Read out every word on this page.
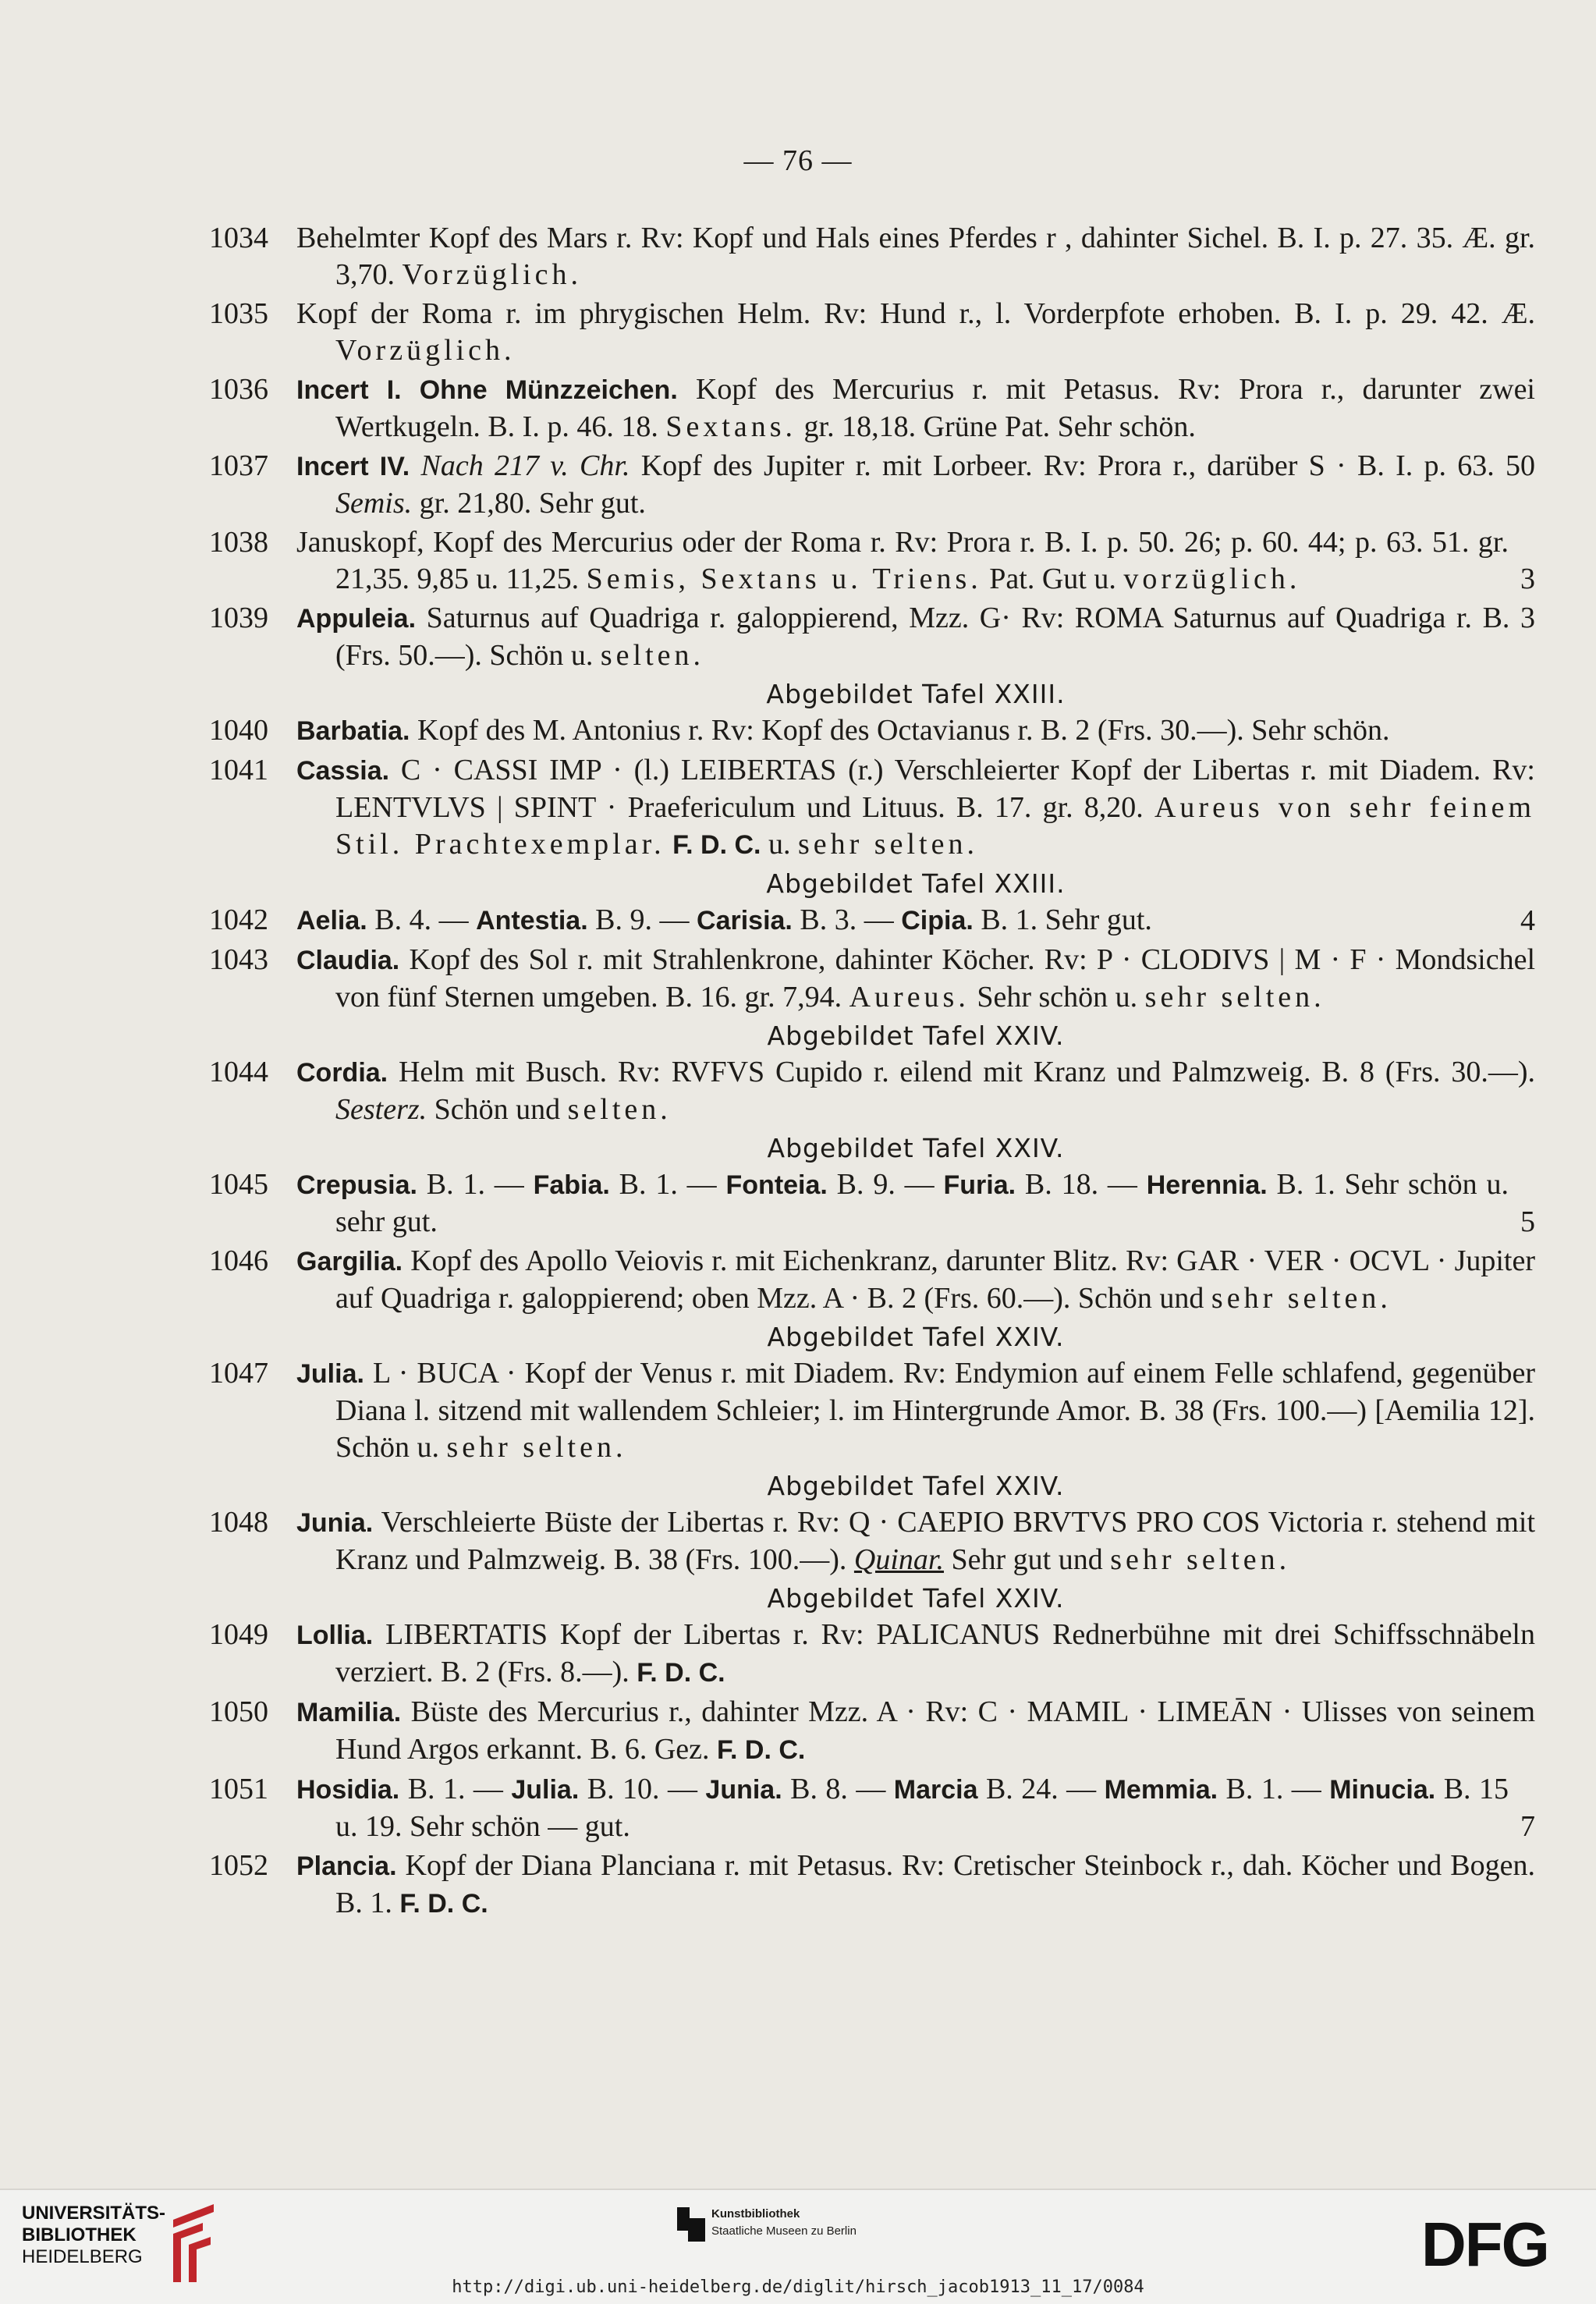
— 76 —
1034 Behelmter Kopf des Mars r. Rv: Kopf und Hals eines Pferdes r , dahinter Sichel. B. I. p. 27. 35. Æ. gr. 3,70. Vorzüglich.
1035 Kopf der Roma r. im phrygischen Helm. Rv: Hund r., l. Vorderpfote erhoben. B. I. p. 29. 42. Æ. Vorzüglich.
1036 Incert I. Ohne Münzzeichen. Kopf des Mercurius r. mit Petasus. Rv: Prora r., darunter zwei Wertkugeln. B. I. p. 46. 18. Sextans. gr. 18,18. Grüne Pat. Sehr schön.
1037 Incert IV. Nach 217 v. Chr. Kopf des Jupiter r. mit Lorbeer. Rv: Prora r., darüber S · B. I. p. 63. 50 Semis. gr. 21,80. Sehr gut.
1038 Januskopf, Kopf des Mercurius oder der Roma r. Rv: Prora r. B. I. p. 50. 26; p. 60. 44; p. 63. 51. gr. 21,35. 9,85 u. 11,25. Semis, Sextans u. Triens. Pat. Gut u. vorzüglich.	3
1039 Appuleia. Saturnus auf Quadriga r. galoppierend, Mzz. G· Rv: ROMA Saturnus auf Quadriga r. B. 3 (Frs. 50.—). Schön u. selten.
Abgebildet Tafel XXIII.
1040 Barbatia. Kopf des M. Antonius r. Rv: Kopf des Octavianus r. B. 2 (Frs. 30.—). Sehr schön.
1041 Cassia. C · CASSI IMP · (l.) LEIBERTAS (r.) Verschleierter Kopf der Libertas r. mit Diadem. Rv: LENTVLVS | SPINT · Praefericulum und Lituus. B. 17. gr. 8,20. Aureus von sehr feinem Stil. Prachtexemplar. F. D. C. u. sehr selten.
Abgebildet Tafel XXIII.
1042 Aelia. B. 4. — Antestia. B. 9. — Carisia. B. 3. — Cipia. B. 1. Sehr gut.	4
1043 Claudia. Kopf des Sol r. mit Strahlenkrone, dahinter Köcher. Rv: P · CLODIVS | M · F · Mondsichel von fünf Sternen umgeben. B. 16. gr. 7,94. Aureus. Sehr schön u. sehr selten.
Abgebildet Tafel XXIV.
1044 Cordia. Helm mit Busch. Rv: RVFVS Cupido r. eilend mit Kranz und Palmzweig. B. 8 (Frs. 30.—). Sesterz. Schön und selten.
Abgebildet Tafel XXIV.
1045 Crepusia. B. 1. — Fabia. B. 1. — Fonteia. B. 9. — Furia. B. 18. — Herennia. B. 1. Sehr schön u. sehr gut.	5
1046 Gargilia. Kopf des Apollo Veiovis r. mit Eichenkranz, darunter Blitz. Rv: GAR · VER · OCVL · Jupiter auf Quadriga r. galoppierend; oben Mzz. A · B. 2 (Frs. 60.—). Schön und sehr selten.
Abgebildet Tafel XXIV.
1047 Julia. L · BUCA · Kopf der Venus r. mit Diadem. Rv: Endymion auf einem Felle schlafend, gegenüber Diana l. sitzend mit wallendem Schleier; l. im Hintergrunde Amor. B. 38 (Frs. 100.—) [Aemilia 12]. Schön u. sehr selten.
Abgebildet Tafel XXIV.
1048 Junia. Verschleierte Büste der Libertas r. Rv: Q · CAEPIO BRVTVS PRO COS Victoria r. stehend mit Kranz und Palmzweig. B. 38 (Frs. 100.—). Quinar. Sehr gut und sehr selten.
Abgebildet Tafel XXIV.
1049 Lollia. LIBERTATIS Kopf der Libertas r. Rv: PALICANUS Rednerbühne mit drei Schiffsschnäbeln verziert. B. 2 (Frs. 8.—). F. D. C.
1050 Mamilia. Büste des Mercurius r., dahinter Mzz. A · Rv: C · MAMIL · LIMEĀN · Ulisses von seinem Hund Argos erkannt. B. 6. Gez. F. D. C.
1051 Hosidia. B. 1. — Julia. B. 10. — Junia. B. 8. — Marcia B. 24. — Memmia. B. 1. — Minucia. B. 15 u. 19. Sehr schön — gut.	7
1052 Plancia. Kopf der Diana Planciana r. mit Petasus. Rv: Cretischer Steinbock r., dah. Köcher und Bogen. B. 1. F. D. C.
UNIVERSITÄTS-
BIBLIOTHEK
HEIDELBERG
Kunstbibliothek
Staatliche Museen zu Berlin	DFG
http://digi.ub.uni-heidelberg.de/diglit/hirsch_jacob1913_11_17/0084
